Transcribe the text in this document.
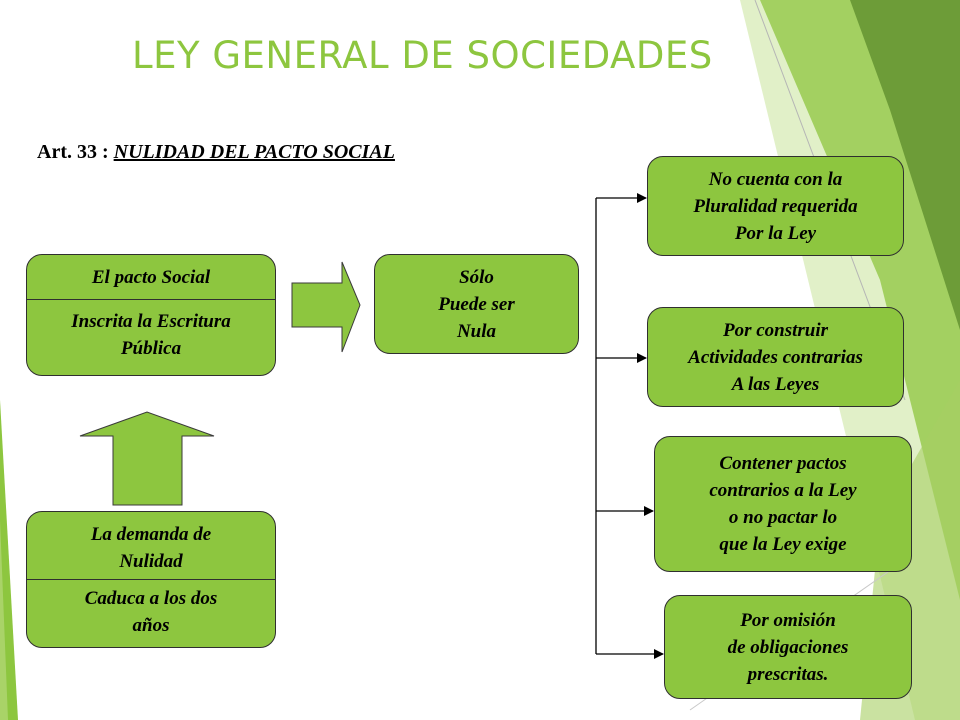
LEY GENERAL DE SOCIEDADES
Art. 33 : NULIDAD DEL PACTO SOCIAL
El pacto Social
Inscrita la Escritura
Pública
La demanda de
Nulidad
Caduca a los dos
años
Sólo
Puede ser
Nula
No cuenta con la
Pluralidad requerida
Por la Ley
Por construir
Actividades contrarias
A las Leyes
Contener pactos
contrarios a la Ley
o no pactar lo
que la Ley exige
Por omisión
de obligaciones
prescritas.
